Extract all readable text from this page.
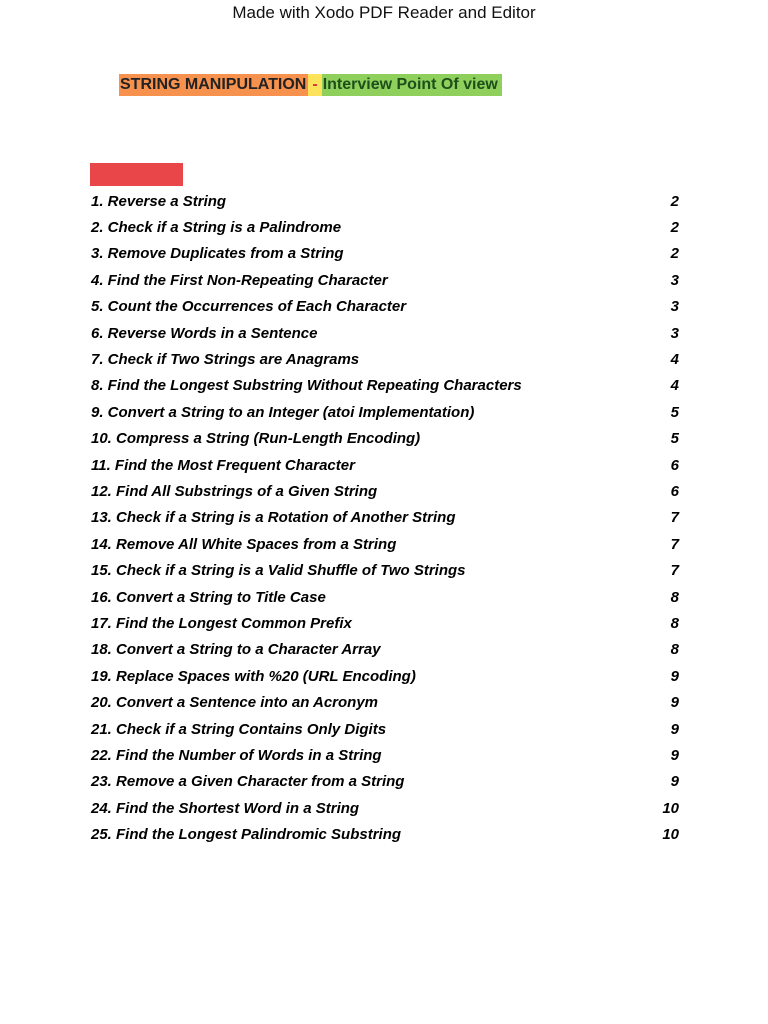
Made with Xodo PDF Reader and Editor
STRING MANIPULATION - Interview Point Of view
1. Reverse a String	2
2. Check if a String is a Palindrome	2
3. Remove Duplicates from a String	2
4. Find the First Non-Repeating Character	3
5. Count the Occurrences of Each Character	3
6. Reverse Words in a Sentence	3
7. Check if Two Strings are Anagrams	4
8. Find the Longest Substring Without Repeating Characters	4
9. Convert a String to an Integer (atoi Implementation)	5
10. Compress a String (Run-Length Encoding)	5
11. Find the Most Frequent Character	6
12. Find All Substrings of a Given String	6
13. Check if a String is a Rotation of Another String	7
14. Remove All White Spaces from a String	7
15. Check if a String is a Valid Shuffle of Two Strings	7
16. Convert a String to Title Case	8
17. Find the Longest Common Prefix	8
18. Convert a String to a Character Array	8
19. Replace Spaces with %20 (URL Encoding)	9
20. Convert a Sentence into an Acronym	9
21. Check if a String Contains Only Digits	9
22. Find the Number of Words in a String	9
23. Remove a Given Character from a String	9
24. Find the Shortest Word in a String	10
25. Find the Longest Palindromic Substring	10
